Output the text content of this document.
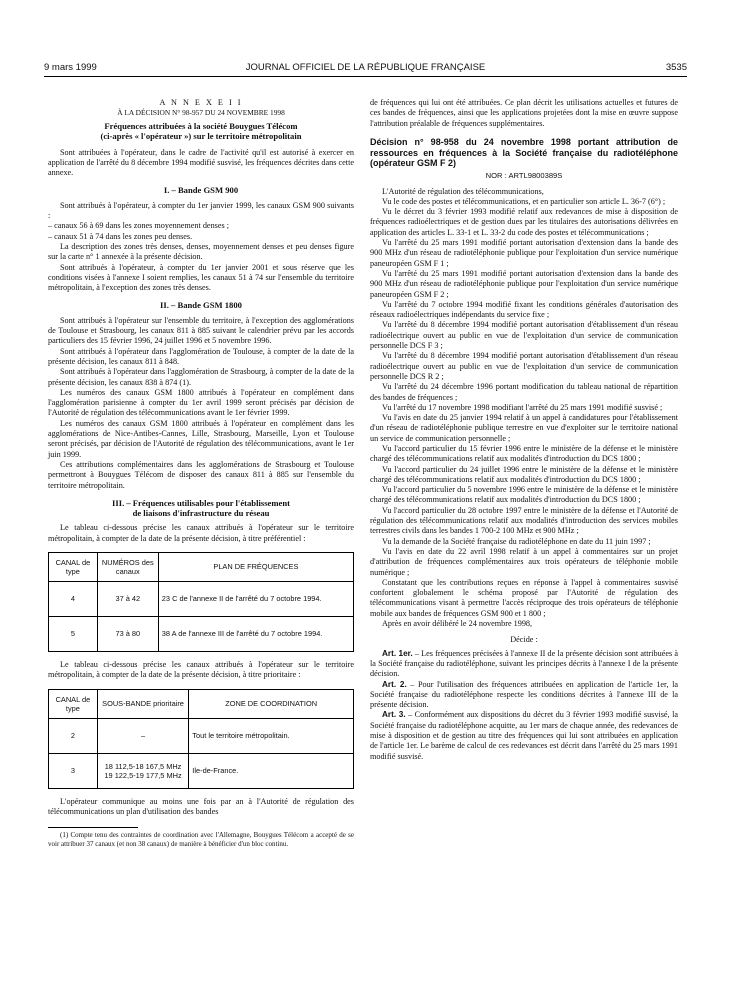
9 mars 1999	JOURNAL OFFICIEL DE LA RÉPUBLIQUE FRANÇAISE	3535

A N N E X E I I

À LA DÉCISION N° 98-957 DU 24 NOVEMBRE 1998

Fréquences attribuées à la société Bouygues Télécom

(ci-après « l'opérateur ») sur le territoire métropolitain

Sont attribuées à l'opérateur, dans le cadre de l'activité qu'il est autorisé à exercer en application de l'arrêté du 8 décembre 1994 modifié susvisé, les fréquences décrites dans cette annexe.

I. – Bande GSM 900

Sont attribués à l'opérateur, à compter du 1er janvier 1999, les canaux GSM 900 suivants :

– canaux 56 à 69 dans les zones moyennement denses ;

– canaux 51 à 74 dans les zones peu denses.

La description des zones très denses, denses, moyennement denses et peu denses figure sur la carte n° 1 annexée à la présente décision.

Sont attribués à l'opérateur, à compter du 1er janvier 2001 et sous réserve que les conditions visées à l'annexe I soient remplies, les canaux 51 à 74 sur l'ensemble du territoire métropolitain, à l'exception des zones très denses.

II. – Bande GSM 1800

Sont attribués à l'opérateur sur l'ensemble du territoire, à l'exception des agglomérations de Toulouse et Strasbourg, les canaux 811 à 885 suivant le calendrier prévu par les accords particuliers des 15 février 1996, 24 juillet 1996 et 5 novembre 1996.

Sont attribués à l'opérateur dans l'agglomération de Toulouse, à compter de la date de la présente décision, les canaux 811 à 848.

Sont attribués à l'opérateur dans l'agglomération de Strasbourg, à compter de la date de la présente décision, les canaux 838 à 874 (1).

Les numéros des canaux GSM 1800 attribués à l'opérateur en complément dans l'agglomération parisienne à compter du 1er avril 1999 seront précisés par décision de l'Autorité de régulation des télécommunications avant le 1er février 1999.

Les numéros des canaux GSM 1800 attribués à l'opérateur en complément dans les agglomérations de Nice-Antibes-Cannes, Lille, Strasbourg, Marseille, Lyon et Toulouse seront précisés, par décision de l'Autorité de régulation des télécommunications, avant le 1er juin 1999.

Ces attributions complémentaires dans les agglomérations de Strasbourg et Toulouse permettront à Bouygues Télécom de disposer des canaux 811 à 885 sur l'ensemble du territoire métropolitain.

III. – Fréquences utilisables pour l'établissement

de liaisons d'infrastructure du réseau

Le tableau ci-dessous précise les canaux attribués à l'opérateur sur le territoire métropolitain, à compter de la date de la présente décision, à titre préférentiel :

CANAL de type	NUMÉROS des canaux	PLAN DE FRÉQUENCES
4	37 à 42	23 C de l'annexe II de l'arrêté du 7 octobre 1994.
5	73 à 80	38 A de l'annexe III de l'arrêté du 7 octobre 1994.

Le tableau ci-dessous précise les canaux attribués à l'opérateur sur le territoire métropolitain, à compter de la date de la présente décision, à titre prioritaire :

CANAL de type	SOUS-BANDE prioritaire	ZONE DE COORDINATION
2	–	Tout le territoire métropolitain.
3	18 112,5-18 167,5 MHz
19 122,5-19 177,5 MHz	Ile-de-France.

L'opérateur communique au moins une fois par an à l'Autorité de régulation des télécommunications un plan d'utilisation des bandes

(1) Compte tenu des contraintes de coordination avec l'Allemagne, Bouygues Télécom a accepté de se voir attribuer 37 canaux (et non 38 canaux) de manière à bénéficier d'un bloc continu.

de fréquences qui lui ont été attribuées. Ce plan décrit les utilisations actuelles et futures de ces bandes de fréquences, ainsi que les applications projetées dont la mise en œuvre suppose l'attribution préalable de fréquences supplémentaires.

Décision n° 98-958 du 24 novembre 1998 portant attribution de ressources en fréquences à la Société française du radiotéléphone (opérateur GSM F 2)

NOR : ARTL9800389S

L'Autorité de régulation des télécommunications,

Vu le code des postes et télécommunications, et en particulier son article L. 36-7 (6°) ;

Vu le décret du 3 février 1993 modifié relatif aux redevances de mise à disposition de fréquences radioélectriques et de gestion dues par les titulaires des autorisations délivrées en application des articles L. 33-1 et L. 33-2 du code des postes et télécommunications ;

Vu l'arrêté du 25 mars 1991 modifié portant autorisation d'extension dans la bande des 900 MHz d'un réseau de radiotéléphonie publique pour l'exploitation d'un service numérique paneuropéen GSM F 1 ;

Vu l'arrêté du 25 mars 1991 modifié portant autorisation d'extension dans la bande des 900 MHz d'un réseau de radiotéléphonie publique pour l'exploitation d'un service numérique paneuropéen GSM F 2 ;

Vu l'arrêté du 7 octobre 1994 modifié fixant les conditions générales d'autorisation des réseaux radioélectriques indépendants du service fixe ;

Vu l'arrêté du 8 décembre 1994 modifié portant autorisation d'établissement d'un réseau radioélectrique ouvert au public en vue de l'exploitation d'un service de communication personnelle DCS F 3 ;

Vu l'arrêté du 8 décembre 1994 modifié portant autorisation d'établissement d'un réseau radioélectrique ouvert au public en vue de l'exploitation d'un service de communication personnelle DCS R 2 ;

Vu l'arrêté du 24 décembre 1996 portant modification du tableau national de répartition des bandes de fréquences ;

Vu l'arrêté du 17 novembre 1998 modifiant l'arrêté du 25 mars 1991 modifié susvisé ;

Vu l'avis en date du 25 janvier 1994 relatif à un appel à candidatures pour l'établissement d'un réseau de radiotéléphonie publique terrestre en vue d'exploiter sur le territoire national un service de communication personnelle ;

Vu l'accord particulier du 15 février 1996 entre le ministère de la défense et le ministère chargé des télécommunications relatif aux modalités d'introduction du DCS 1800 ;

Vu l'accord particulier du 24 juillet 1996 entre le ministère de la défense et le ministère chargé des télécommunications relatif aux modalités d'introduction du DCS 1800 ;

Vu l'accord particulier du 5 novembre 1996 entre le ministère de la défense et le ministère chargé des télécommunications relatif aux modalités d'introduction du DCS 1800 ;

Vu l'accord particulier du 28 octobre 1997 entre le ministère de la défense et l'Autorité de régulation des télécommunications relatif aux modalités d'introduction des services mobiles terrestres civils dans les bandes 1 700-2 100 MHz et 900 MHz ;

Vu la demande de la Société française du radiotéléphone en date du 11 juin 1997 ;

Vu l'avis en date du 22 avril 1998 relatif à un appel à commentaires sur un projet d'attribution de fréquences complémentaires aux trois opérateurs de téléphonie mobile numérique ;

Constatant que les contributions reçues en réponse à l'appel à commentaires susvisé confortent globalement le schéma proposé par l'Autorité de régulation des télécommunications visant à permettre l'accès réciproque des trois opérateurs de téléphonie mobile aux bandes de fréquences GSM 900 et 1 800 ;

Après en avoir délibéré le 24 novembre 1998,

Décide :

Art. 1er. – Les fréquences précisées à l'annexe II de la présente décision sont attribuées à la Société française du radiotéléphone, suivant les principes décrits à l'annexe I de la présente décision.

Art. 2. – Pour l'utilisation des fréquences attribuées en application de l'article 1er, la Société française du radiotéléphone respecte les conditions décrites à l'annexe III de la présente décision.

Art. 3. – Conformément aux dispositions du décret du 3 février 1993 modifié susvisé, la Société française du radiotéléphone acquitte, au 1er mars de chaque année, des redevances de mise à disposition et de gestion au titre des fréquences qui lui sont attribuées en application de l'article 1er. Le barème de calcul de ces redevances est décrit dans l'arrêté du 25 mars 1991 modifié susvisé.
